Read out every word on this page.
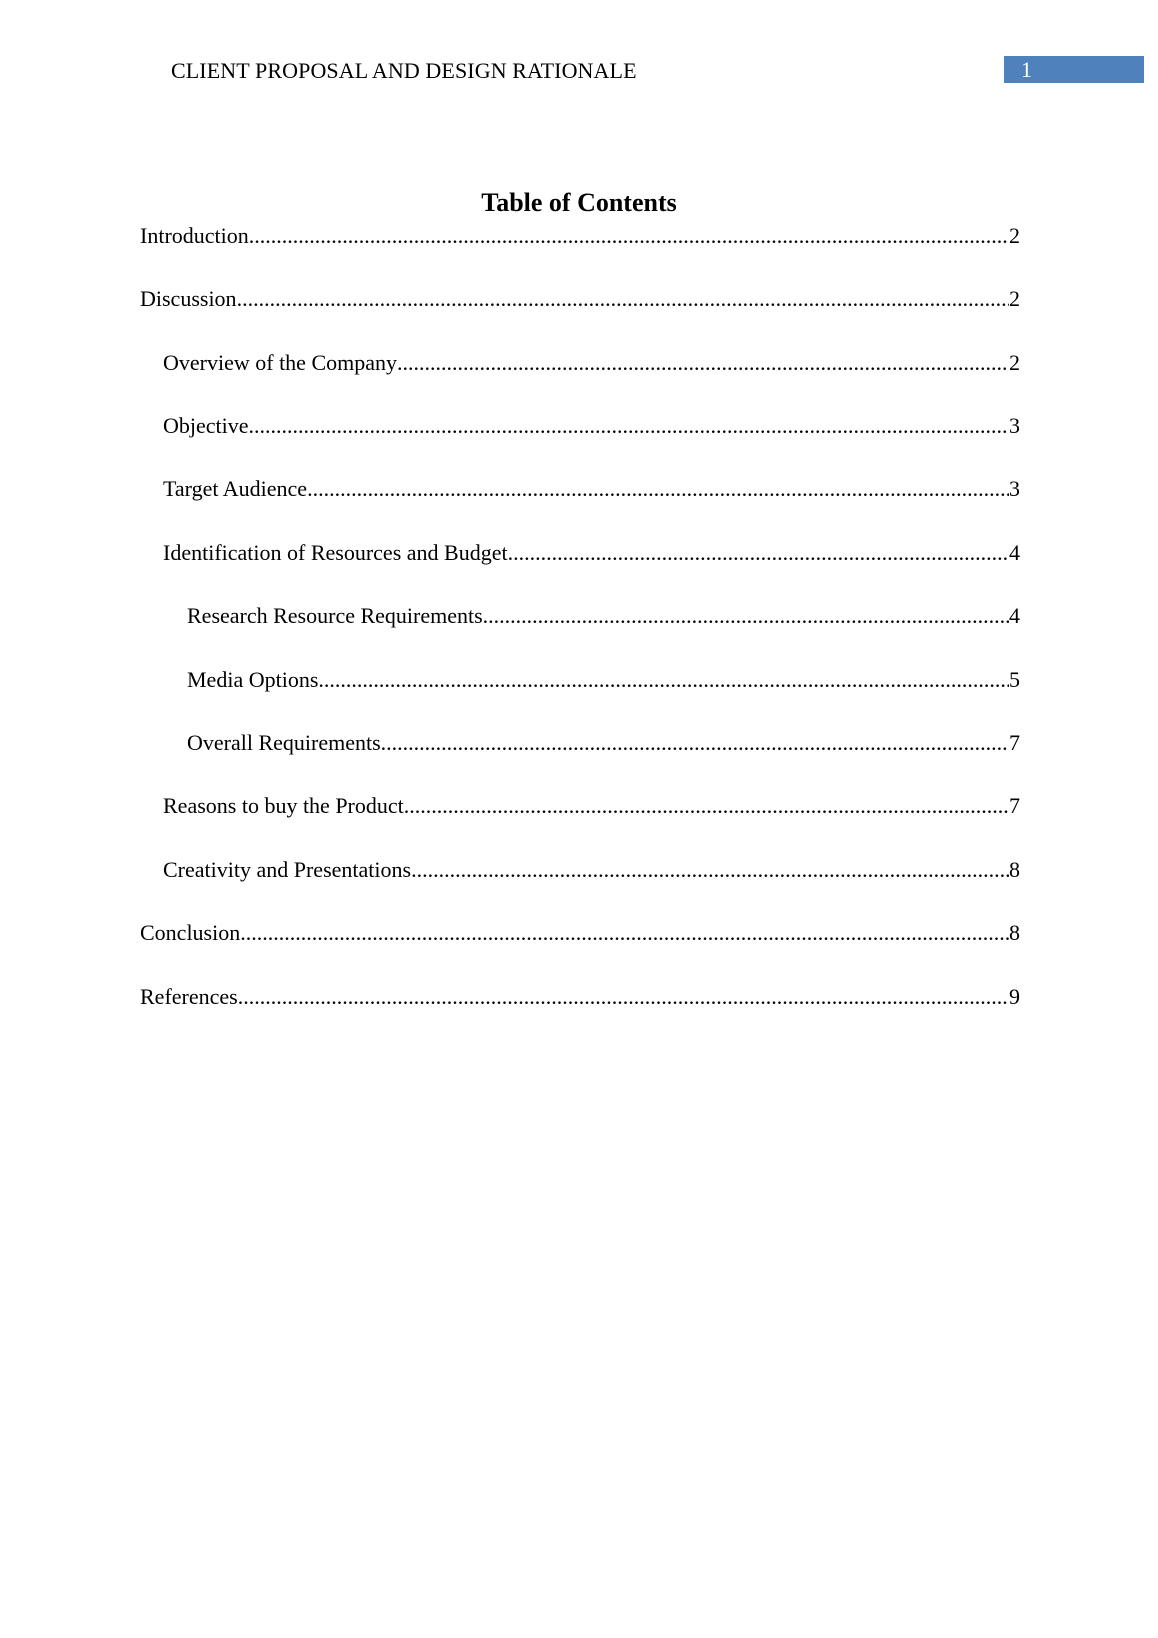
CLIENT PROPOSAL AND DESIGN RATIONALE	1
Table of Contents
Introduction .....	2
Discussion .....	2
Overview of the Company .....	2
Objective .....	3
Target Audience .....	3
Identification of Resources and Budget .....	4
Research Resource Requirements .....	4
Media Options .....	5
Overall Requirements .....	7
Reasons to buy the Product .....	7
Creativity and Presentations .....	8
Conclusion .....	8
References .....	9
